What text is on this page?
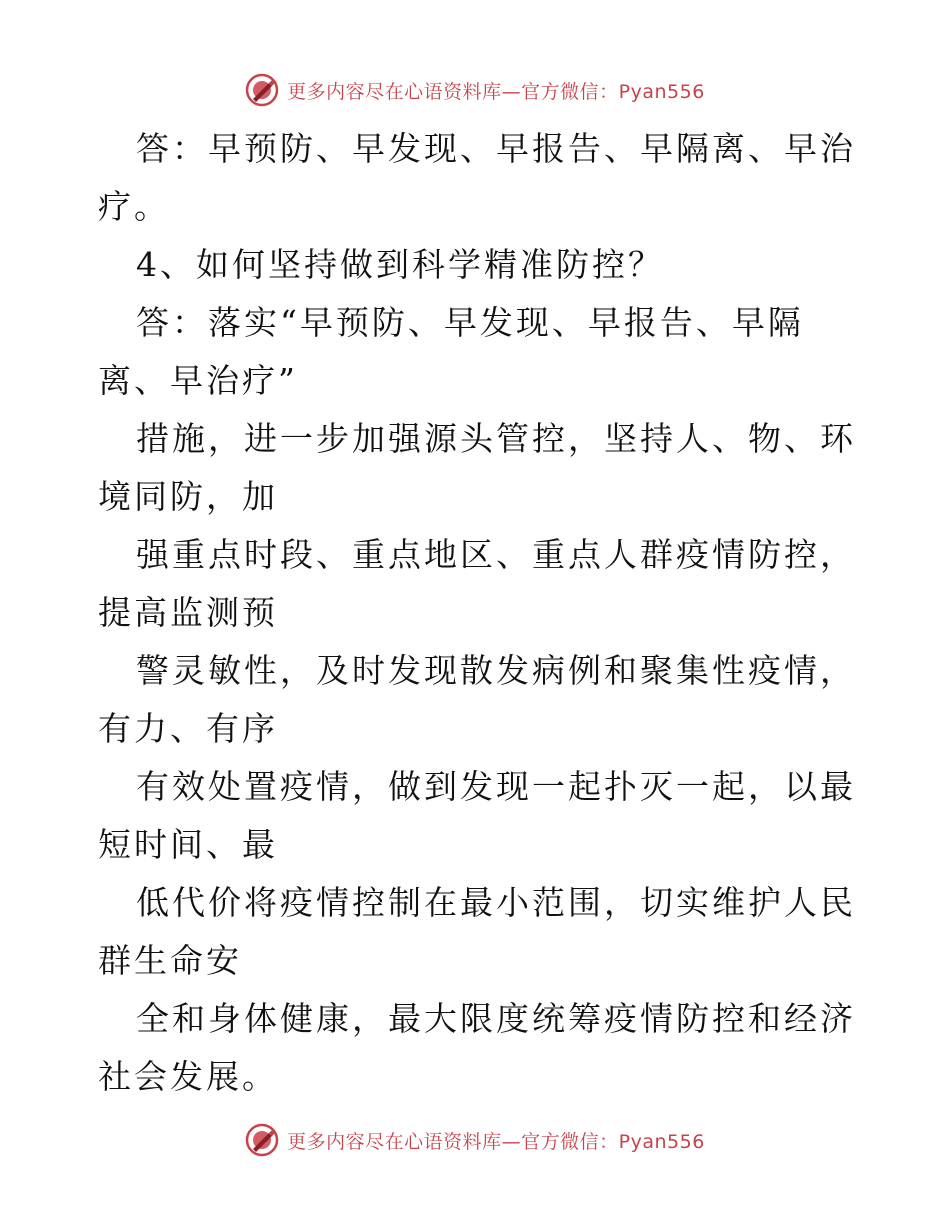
更多内容尽在心语资料库—官方微信：Pyan556

答：早预防、早发现、早报告、早隔离、早治疗。

4、如何坚持做到科学精准防控？

答：落实“早预防、早发现、早报告、早隔离、早治疗”

措施，进一步加强源头管控，坚持人、物、环境同防，加

强重点时段、重点地区、重点人群疫情防控，提高监测预

警灵敏性，及时发现散发病例和聚集性疫情，有力、有序

有效处置疫情，做到发现一起扑灭一起，以最短时间、最

低代价将疫情控制在最小范围，切实维护人民群生命安

全和身体健康，最大限度统筹疫情防控和经济社会发展。

更多内容尽在心语资料库—官方微信：Pyan556
